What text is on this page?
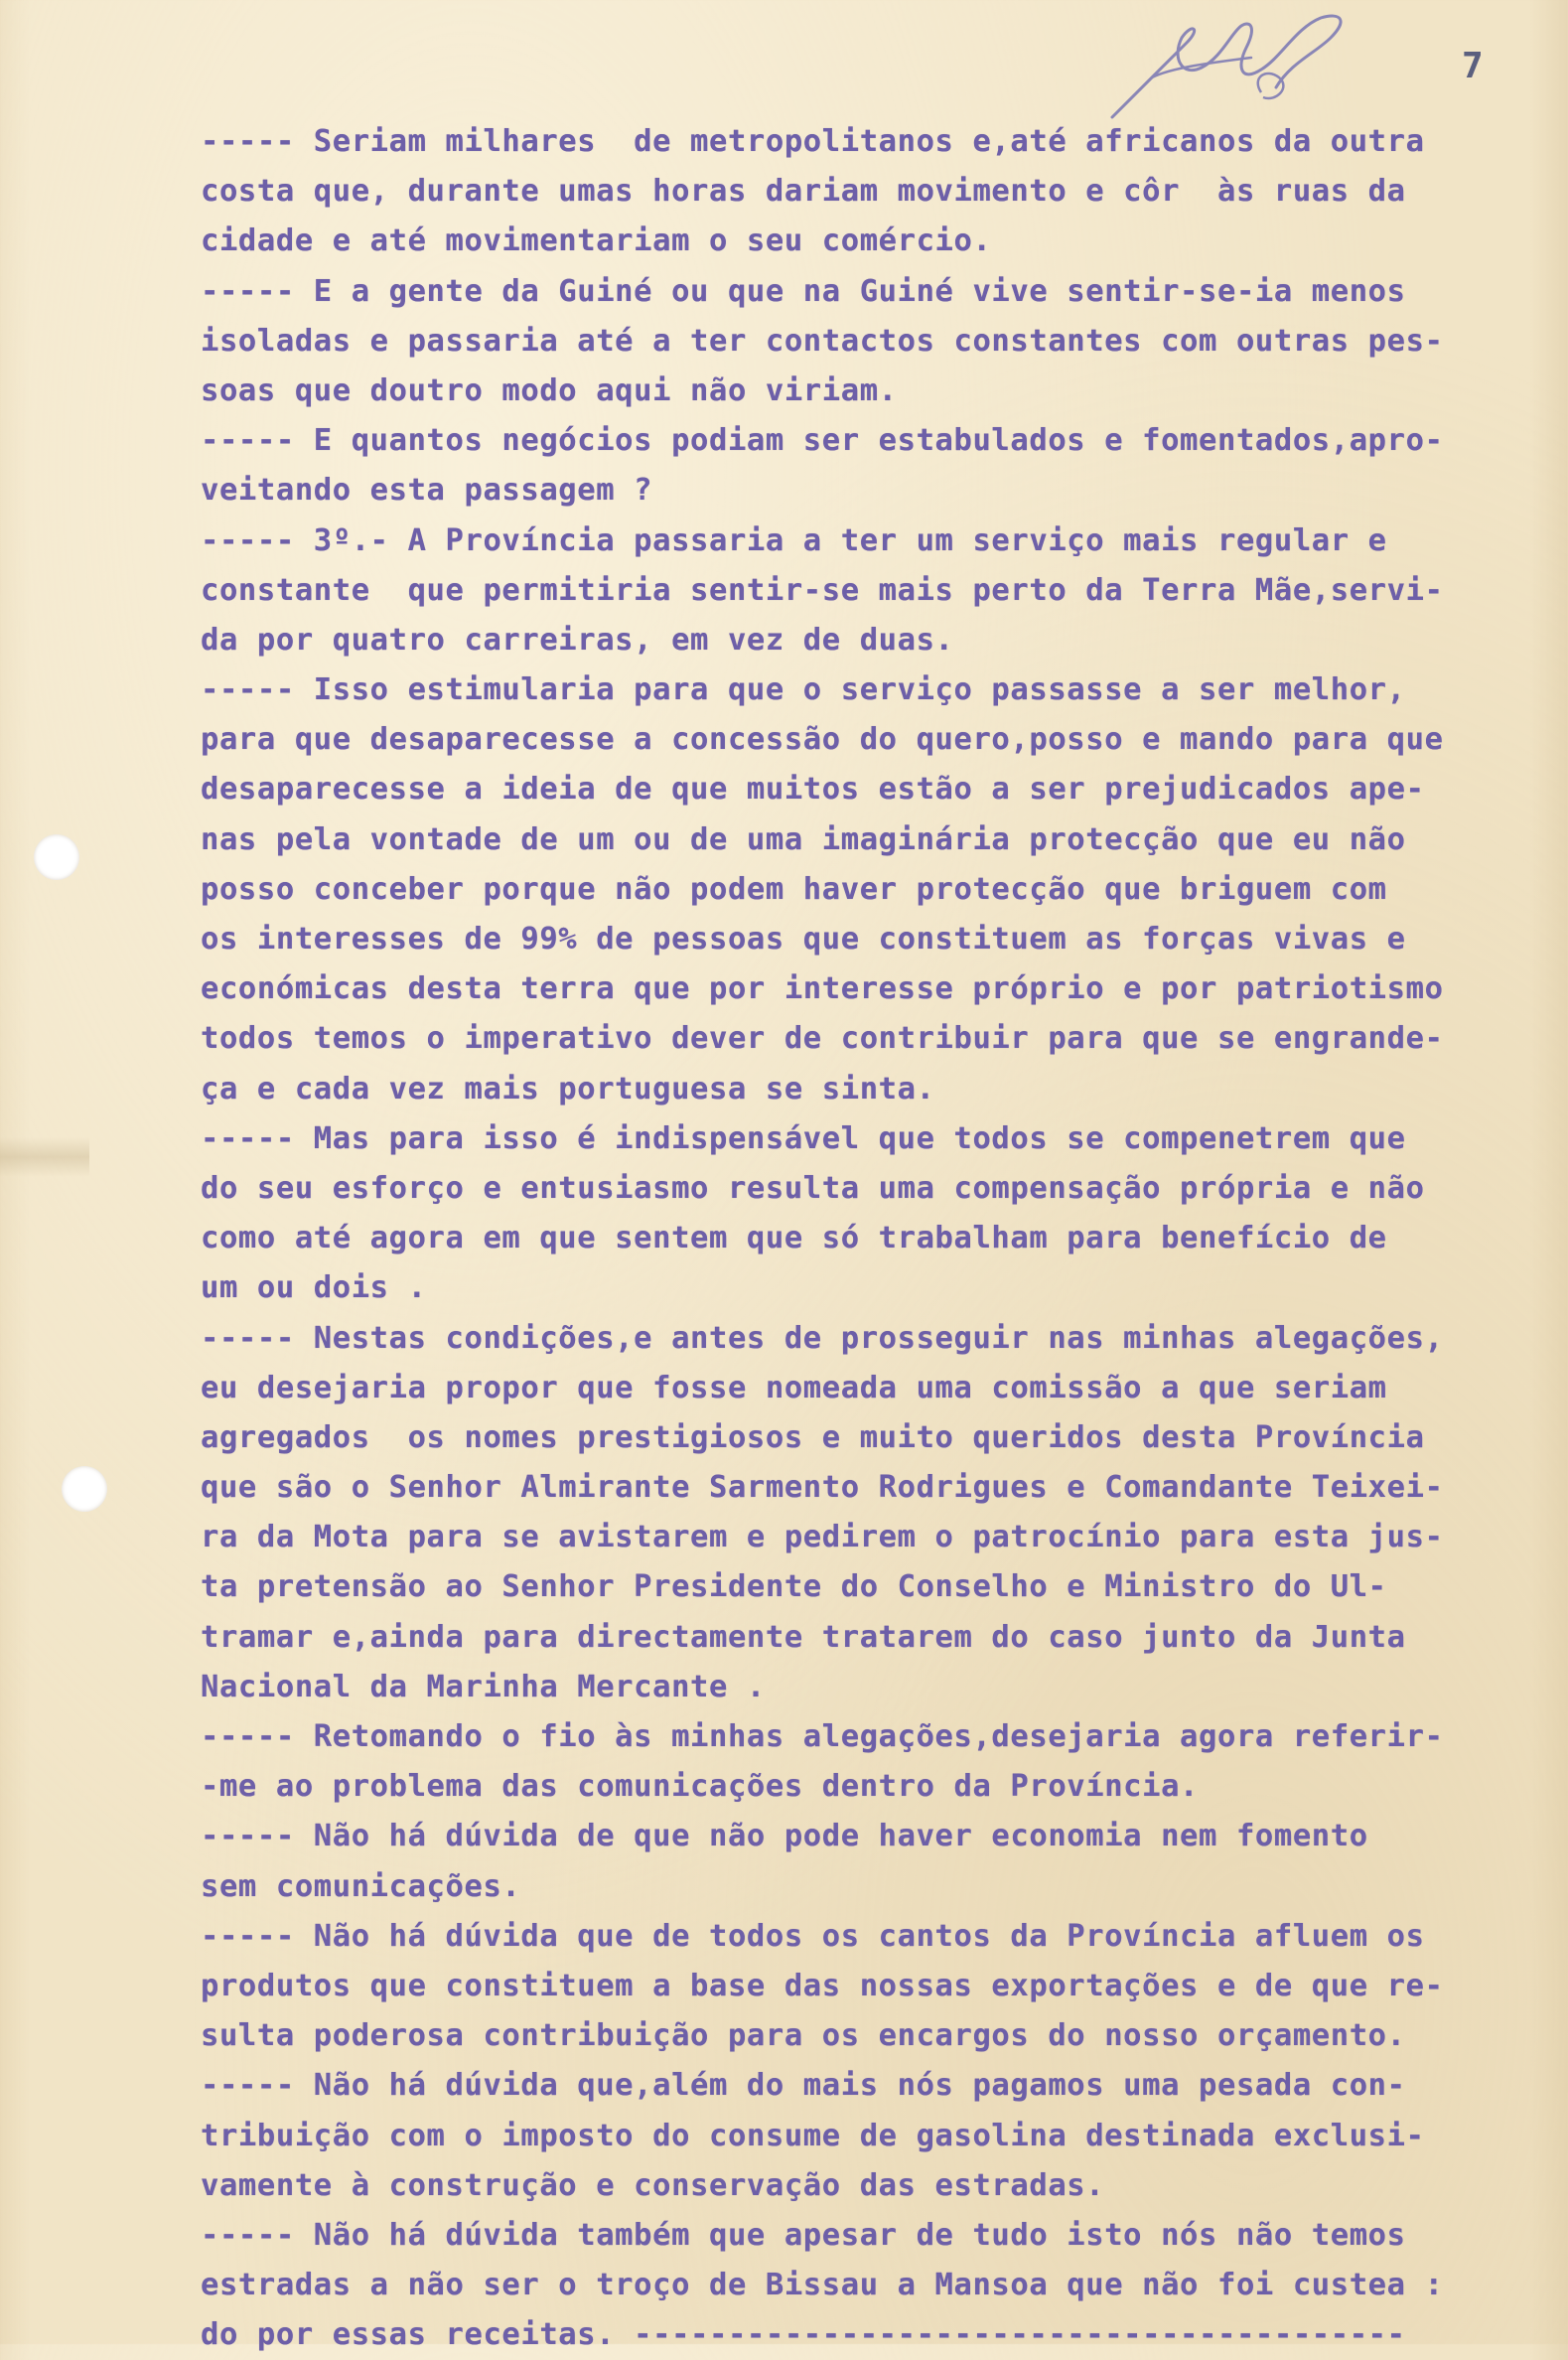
7
----- Seriam milhares  de metropolitanos e,até africanos da outra
costa que, durante umas horas dariam movimento e côr  às ruas da
cidade e até movimentariam o seu comércio.
----- E a gente da Guiné ou que na Guiné vive sentir-se-ia menos
isoladas e passaria até a ter contactos constantes com outras pes-
soas que doutro modo aqui não viriam.
----- E quantos negócios podiam ser estabulados e fomentados,apro-
veitando esta passagem ?
----- 3º.- A Província passaria a ter um serviço mais regular e
constante  que permitiria sentir-se mais perto da Terra Mãe,servi-
da por quatro carreiras, em vez de duas.
----- Isso estimularia para que o serviço passasse a ser melhor,
para que desaparecesse a concessão do quero,posso e mando para que
desaparecesse a ideia de que muitos estão a ser prejudicados ape-
nas pela vontade de um ou de uma imaginária protecção que eu não
posso conceber porque não podem haver protecção que briguem com
os interesses de 99% de pessoas que constituem as forças vivas e
económicas desta terra que por interesse próprio e por patriotismo
todos temos o imperativo dever de contribuir para que se engrande-
ça e cada vez mais portuguesa se sinta.
----- Mas para isso é indispensável que todos se compenetrem que
do seu esforço e entusiasmo resulta uma compensação própria e não
como até agora em que sentem que só trabalham para benefício de
um ou dois .
----- Nestas condições,e antes de prosseguir nas minhas alegações,
eu desejaria propor que fosse nomeada uma comissão a que seriam
agregados  os nomes prestigiosos e muito queridos desta Província
que são o Senhor Almirante Sarmento Rodrigues e Comandante Teixei-
ra da Mota para se avistarem e pedirem o patrocínio para esta jus-
ta pretensão ao Senhor Presidente do Conselho e Ministro do Ul-
tramar e,ainda para directamente tratarem do caso junto da Junta
Nacional da Marinha Mercante .
----- Retomando o fio às minhas alegações,desejaria agora referir-
-me ao problema das comunicações dentro da Província.
----- Não há dúvida de que não pode haver economia nem fomento
sem comunicações.
----- Não há dúvida que de todos os cantos da Província afluem os
produtos que constituem a base das nossas exportações e de que re-
sulta poderosa contribuição para os encargos do nosso orçamento.
----- Não há dúvida que,além do mais nós pagamos uma pesada con-
tribuição com o imposto do consume de gasolina destinada exclusi-
vamente à construção e conservação das estradas.
----- Não há dúvida também que apesar de tudo isto nós não temos
estradas a não ser o troço de Bissau a Mansoa que não foi custea :
do por essas receitas. -----------------------------------------
